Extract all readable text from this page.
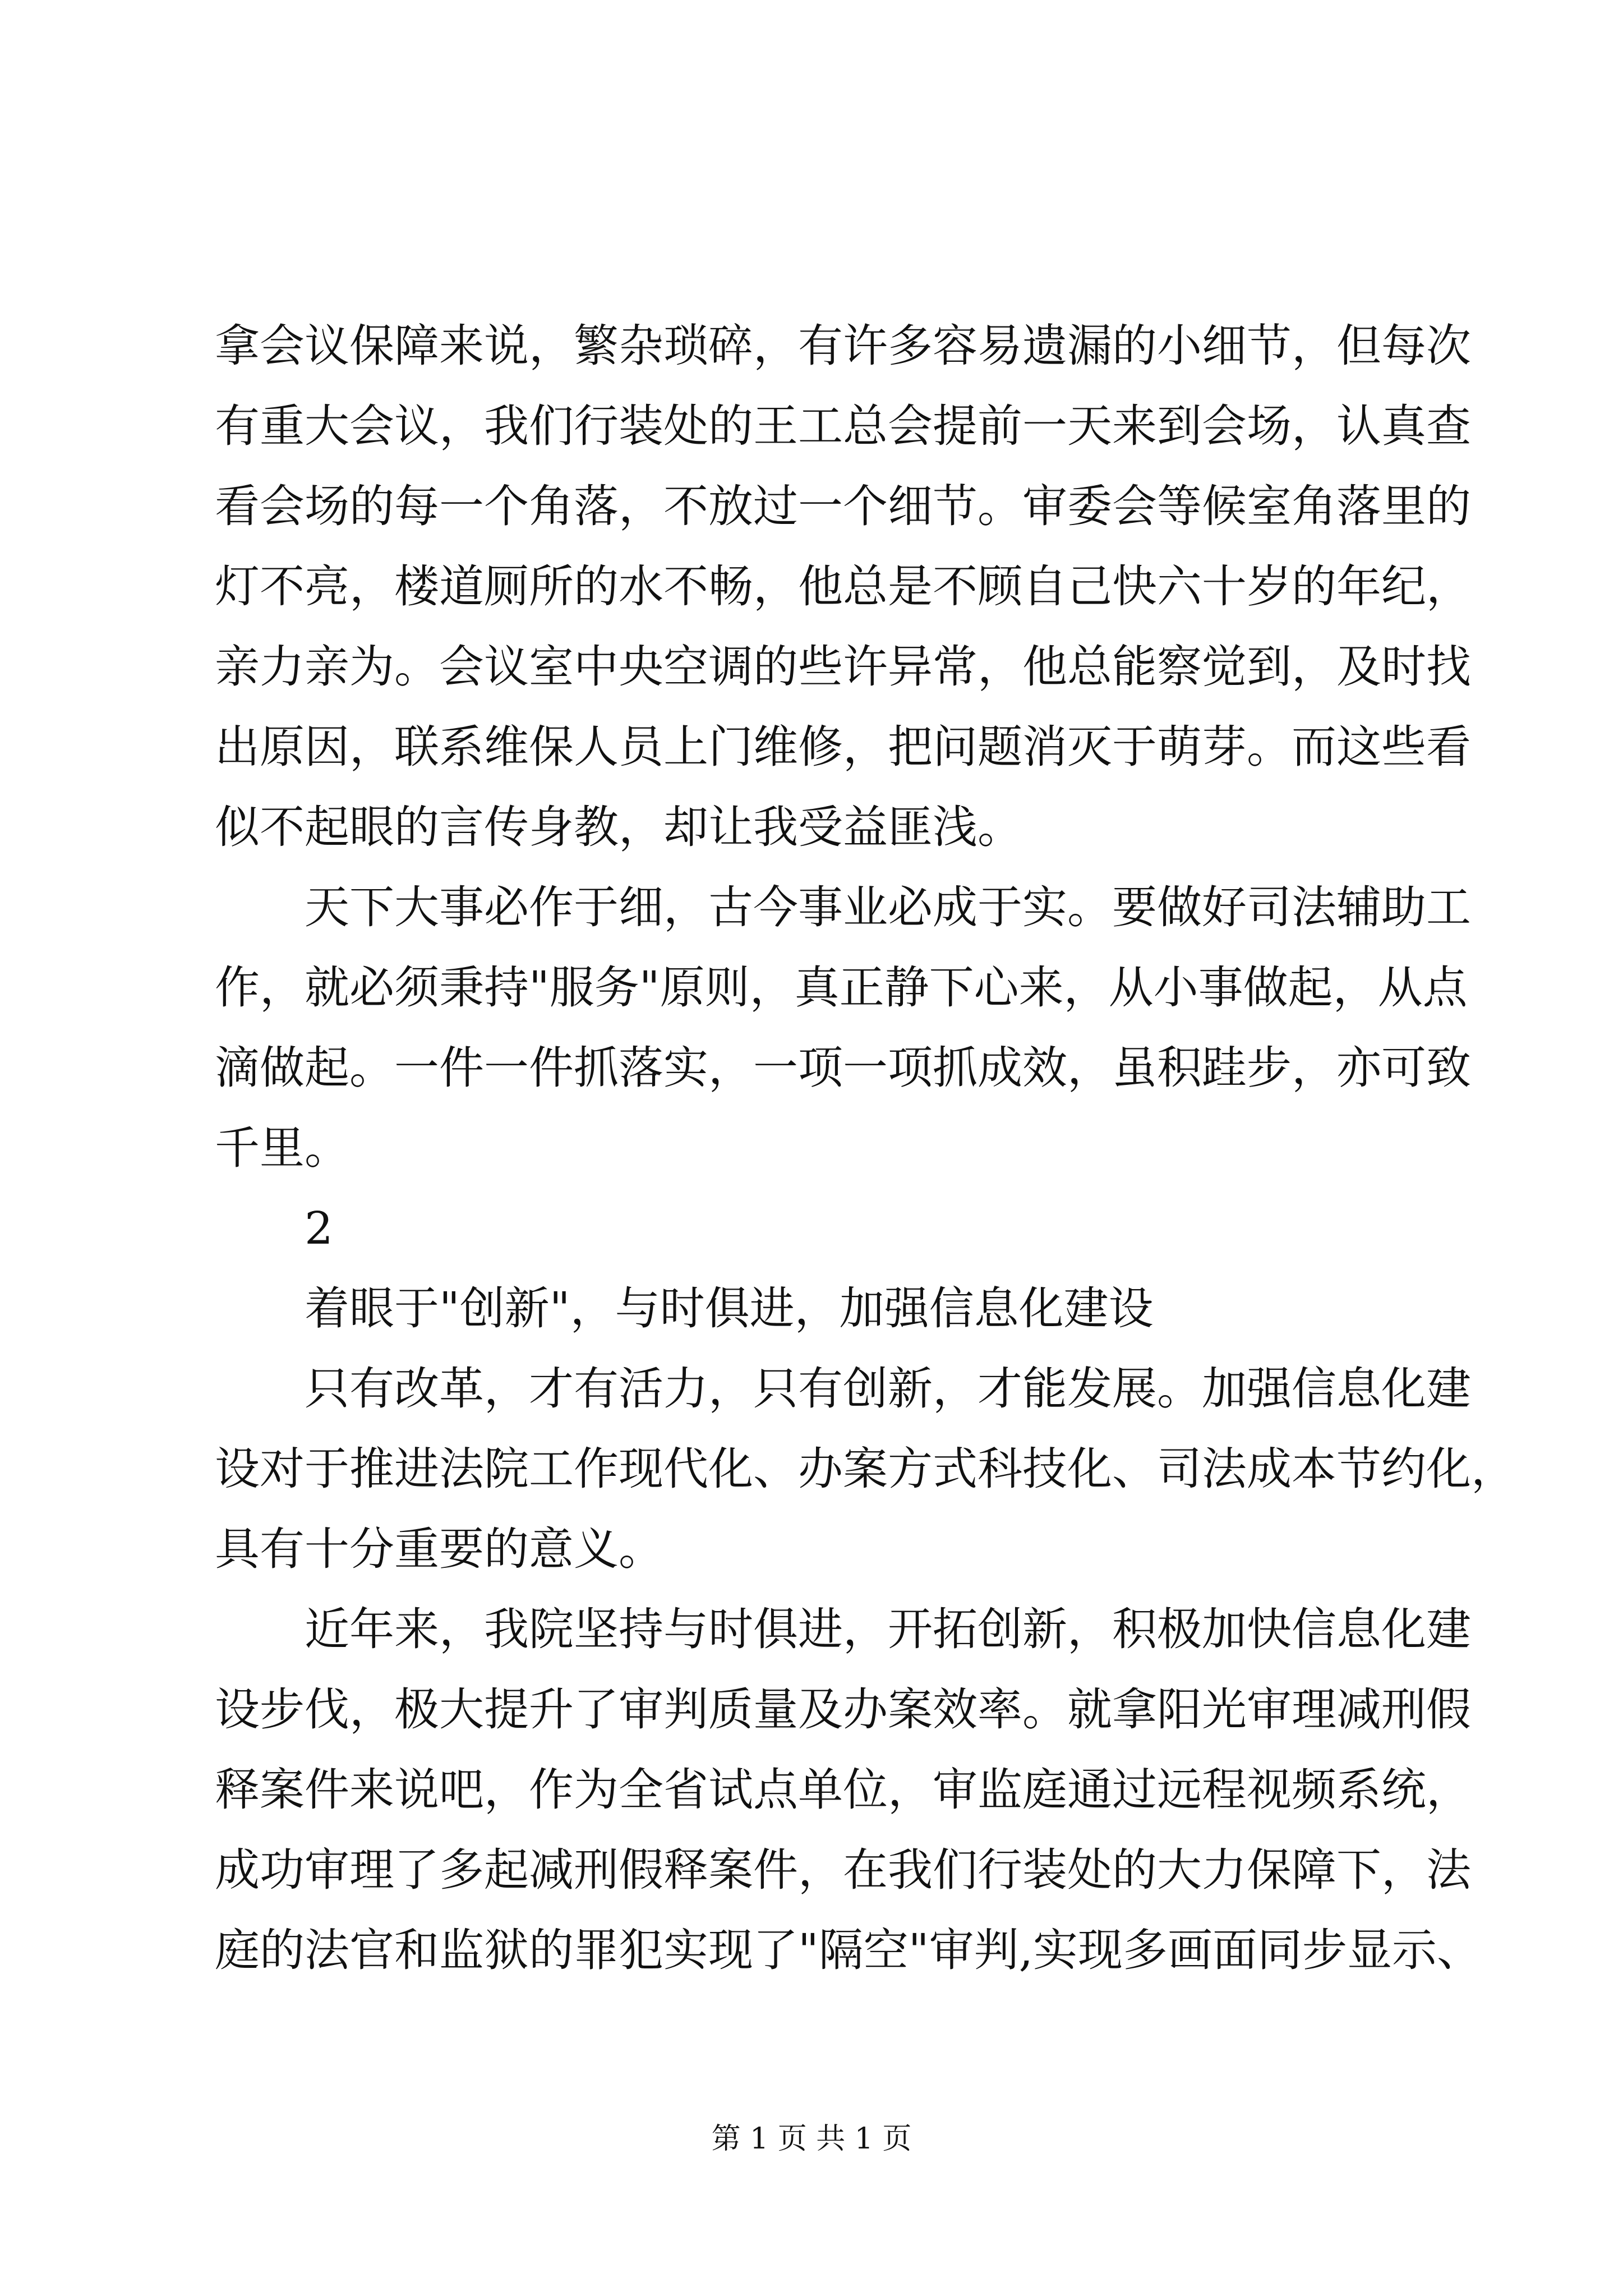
拿会议保障来说，繁杂琐碎，有许多容易遗漏的小细节，但每次
有重大会议，我们行装处的王工总会提前一天来到会场，认真查
看会场的每一个角落，不放过一个细节。审委会等候室角落里的
灯不亮，楼道厕所的水不畅，他总是不顾自己快六十岁的年纪，
亲力亲为。会议室中央空调的些许异常，他总能察觉到，及时找
出原因，联系维保人员上门维修，把问题消灭于萌芽。而这些看
似不起眼的言传身教，却让我受益匪浅。
天下大事必作于细，古今事业必成于实。要做好司法辅助工
作，就必须秉持"服务"原则，真正静下心来，从小事做起，从点
滴做起。一件一件抓落实，一项一项抓成效，虽积跬步，亦可致
千里。
2
着眼于"创新"，与时俱进，加强信息化建设
只有改革，才有活力，只有创新，才能发展。加强信息化建
设对于推进法院工作现代化、办案方式科技化、司法成本节约化，
具有十分重要的意义。
近年来，我院坚持与时俱进，开拓创新，积极加快信息化建
设步伐，极大提升了审判质量及办案效率。就拿阳光审理减刑假
释案件来说吧，作为全省试点单位，审监庭通过远程视频系统，
成功审理了多起减刑假释案件，在我们行装处的大力保障下，法
庭的法官和监狱的罪犯实现了"隔空"审判,实现多画面同步显示、
第 1 页 共 1 页
